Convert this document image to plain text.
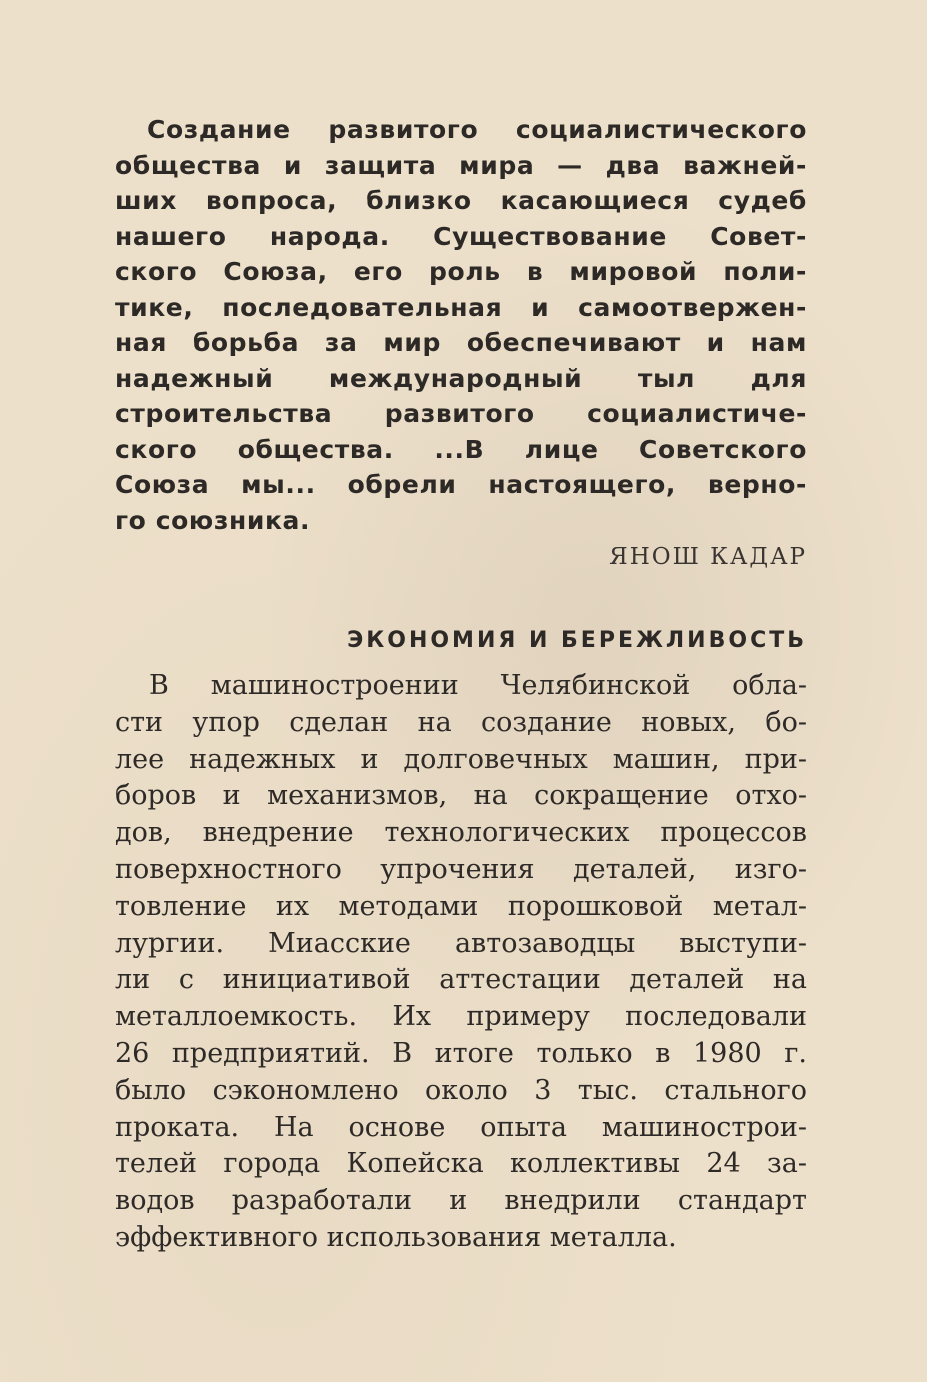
Создание развитого социалистического
общества и защита мира — два важней-
ших вопроса, близко касающиеся судеб
нашего народа. Существование Совет-
ского Союза, его роль в мировой поли-
тике, последовательная и самоотвержен-
ная борьба за мир обеспечивают и нам
надежный международный тыл для
строительства развитого социалистиче-
ского общества. ...В лице Советского
Союза мы... обрели настоящего, верно-
го союзника.
ЯНОШ КАДАР
ЭКОНОМИЯ И БЕРЕЖЛИВОСТЬ
В машиностроении Челябинской обла-
сти упор сделан на создание новых, бо-
лее надежных и долговечных машин, при-
боров и механизмов, на сокращение отхо-
дов, внедрение технологических процессов
поверхностного упрочения деталей, изго-
товление их методами порошковой метал-
лургии. Миасские автозаводцы выступи-
ли с инициативой аттестации деталей на
металлоемкость. Их примеру последовали
26 предприятий. В итоге только в 1980 г.
было сэкономлено около 3 тыс. стального
проката. На основе опыта машинострои-
телей города Копейска коллективы 24 за-
водов разработали и внедрили стандарт
эффективного использования металла.
